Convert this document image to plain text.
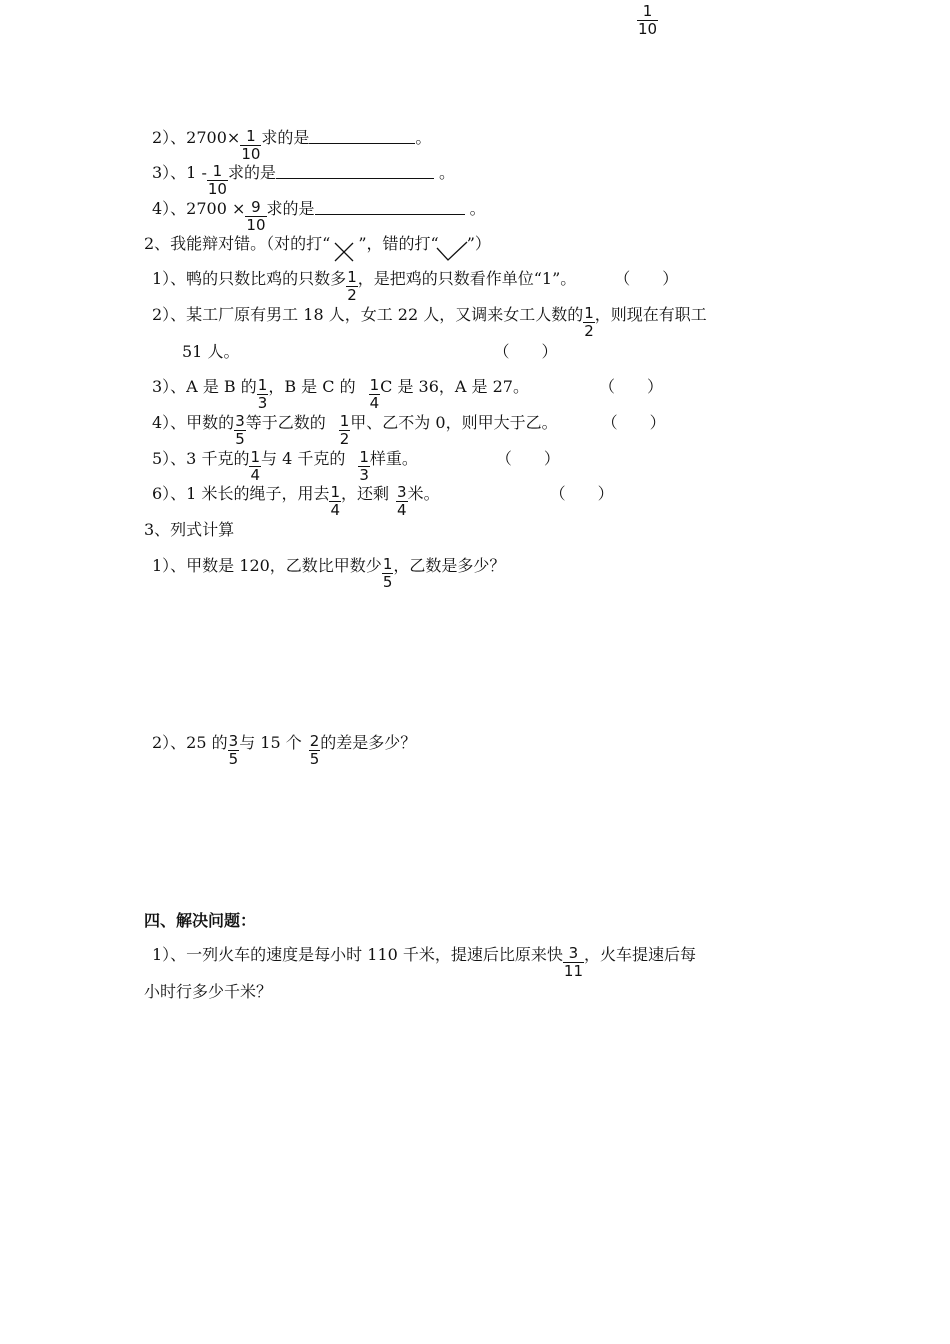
1
10
2）、$2700\times \frac{1}{10}$ 求的是	。
3）、$1 - \frac{1}{10}$ 求的是	。
4）、$2700 \times \frac{9}{10}$ 求的是	。
2、我能辩对错。（对的打“ ”，错的打“ ”）
1）、鸭的只数比鸡的只数多 $\frac{1}{2}$ ，是把鸡的只数看作单位“1”。 （　　）
2）、某工厂原有男工 18 人，女工 22 人，又调来女工人数的 $\frac{1}{2}$ ，则现在有职工
51 人。	（　　）
3）、A 是 B 的 $\frac{1}{3}$ ，B 是 C 的 $\frac{1}{4}$ C 是 36，A 是 27。	（　　）
4）、甲数的 $\frac{3}{5}$ 等于乙数的 $\frac{1}{2}$ 甲、乙不为 0，则甲大于乙。	（　　）
5）、3 千克的 $\frac{1}{4}$ 与 4 千克的 $\frac{1}{3}$ 样重。	（　　）
6）、1 米长的绳子，用去 $\frac{1}{4}$ ，还剩 $\frac{3}{4}$ 米。	（　　）
3、列式计算
1）、甲数是 120，乙数比甲数少 $\frac{1}{5}$ ，乙数是多少？
2）、25 的 $\frac{3}{5}$ 与 15 个 $\frac{2}{5}$ 的差是多少？
四、解决问题：
1）、一列火车的速度是每小时 110 千米，提速后比原来快 $\frac{3}{11}$ ，火车提速后每
小时行多少千米？
